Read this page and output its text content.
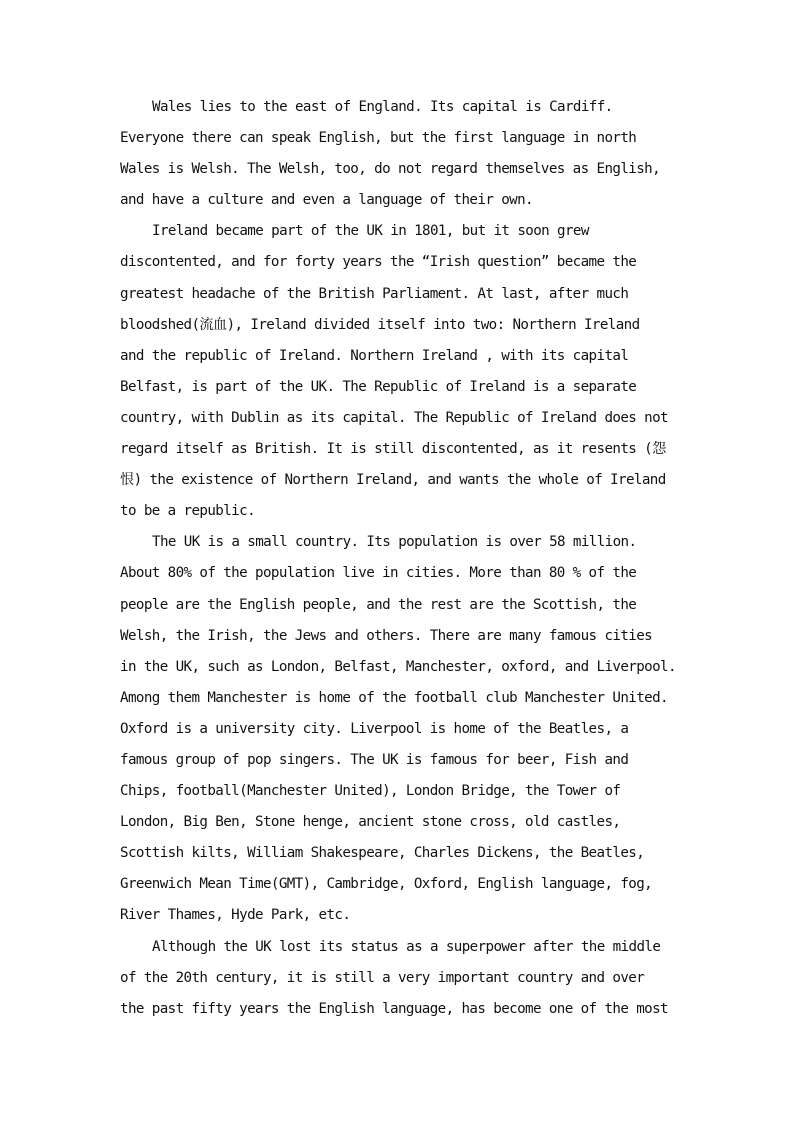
Wales lies to the east of England. Its capital is Cardiff.
Everyone there can speak English, but the first language in north
Wales is Welsh. The Welsh, too, do not regard themselves as English,
and have a culture and even a language of their own.
Ireland became part of the UK in 1801, but it soon grew
discontented, and for forty years the “Irish question” became the
greatest headache of the British Parliament. At last, after much
bloodshed(流血), Ireland divided itself into two: Northern Ireland
and the republic of Ireland. Northern Ireland , with its capital
Belfast, is part of the UK. The Republic of Ireland is a separate
country, with Dublin as its capital. The Republic of Ireland does not
regard itself as British. It is still discontented, as it resents (怨
恨) the existence of Northern Ireland, and wants the whole of Ireland
to be a republic.
The UK is a small country. Its population is over 58 million.
About 80% of the population live in cities. More than 80 % of the
people are the English people, and the rest are the Scottish, the
Welsh, the Irish, the Jews and others. There are many famous cities
in the UK, such as London, Belfast, Manchester, oxford, and Liverpool.
Among them Manchester is home of the football club Manchester United.
Oxford is a university city. Liverpool is home of the Beatles, a
famous group of pop singers. The UK is famous for beer, Fish and
Chips, football(Manchester United), London Bridge, the Tower of
London, Big Ben, Stone henge, ancient stone cross, old castles,
Scottish kilts, William Shakespeare, Charles Dickens, the Beatles,
Greenwich Mean Time(GMT), Cambridge, Oxford, English language, fog,
River Thames, Hyde Park, etc.
Although the UK lost its status as a superpower after the middle
of the 20th century, it is still a very important country and over
the past fifty years the English language, has become one of the most
